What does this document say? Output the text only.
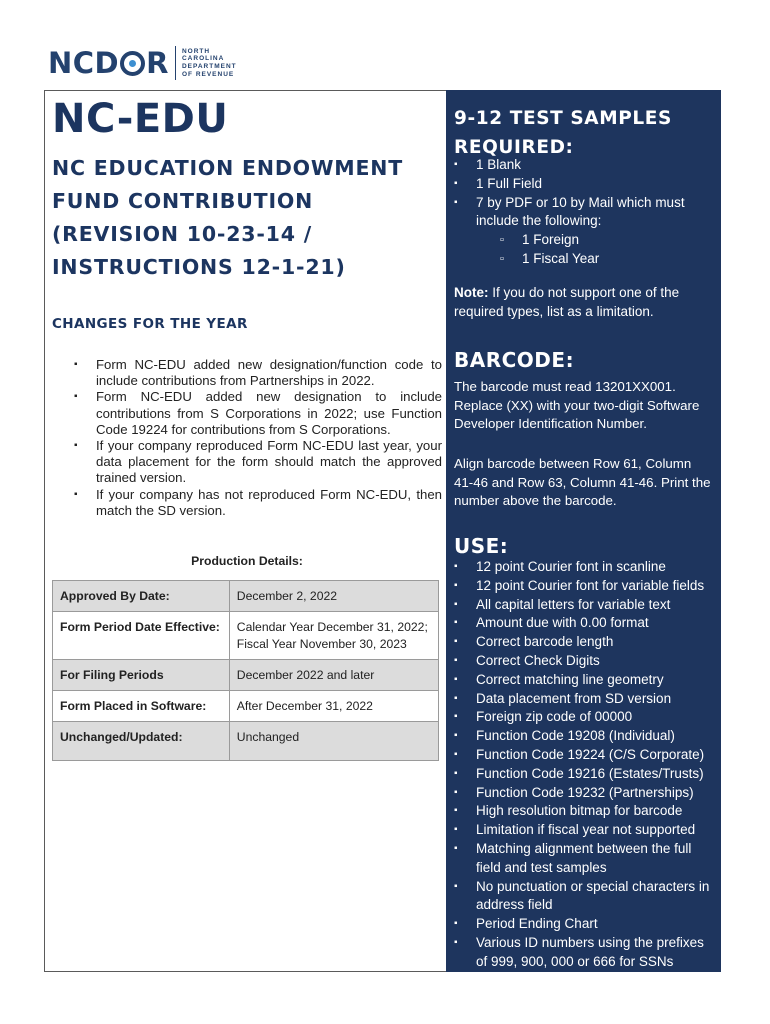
NCD R NORTH
CAROLINA
DEPARTMENT
OF REVENUE
NC-EDU
NC EDUCATION ENDOWMENT
FUND CONTRIBUTION
(REVISION 10-23-14 /
INSTRUCTIONS 12-1-21)
CHANGES FOR THE YEAR
▪ Form NC-EDU added new designation/function code to include contributions from Partnerships in 2022.
▪ Form NC-EDU added new designation to include contributions from S Corporations in 2022; use Function Code 19224 for contributions from S Corporations.
▪ If your company reproduced Form NC-EDU last year, your data placement for the form should match the approved trained version.
▪ If your company has not reproduced Form NC-EDU, then match the SD version.
Production Details:
Approved By Date:	December 2, 2022
Form Period Date Effective:	Calendar Year December 31, 2022; Fiscal Year November 30, 2023
For Filing Periods	December 2022 and later
Form Placed in Software:	After December 31, 2022
Unchanged/Updated:	Unchanged
9-12 TEST SAMPLES
REQUIRED:
▪ 1 Blank
▪ 1 Full Field
▪ 7 by PDF or 10 by Mail which must include the following:
▫ 1 Foreign
▫ 1 Fiscal Year
Note: If you do not support one of the required types, list as a limitation.
BARCODE:
The barcode must read 13201XX001. Replace (XX) with your two-digit Software Developer Identification Number.
Align barcode between Row 61, Column 41-46 and Row 63, Column 41-46. Print the number above the barcode.
USE:
▪ 12 point Courier font in scanline
▪ 12 point Courier font for variable fields
▪ All capital letters for variable text
▪ Amount due with 0.00 format
▪ Correct barcode length
▪ Correct Check Digits
▪ Correct matching line geometry
▪ Data placement from SD version
▪ Foreign zip code of 00000
▪ Function Code 19208 (Individual)
▪ Function Code 19224 (C/S Corporate)
▪ Function Code 19216 (Estates/Trusts)
▪ Function Code 19232 (Partnerships)
▪ High resolution bitmap for barcode
▪ Limitation if fiscal year not supported
▪ Matching alignment between the full field and test samples
▪ No punctuation or special characters in address field
▪ Period Ending Chart
▪ Various ID numbers using the prefixes of 999, 900, 000 or 666 for SSNs
